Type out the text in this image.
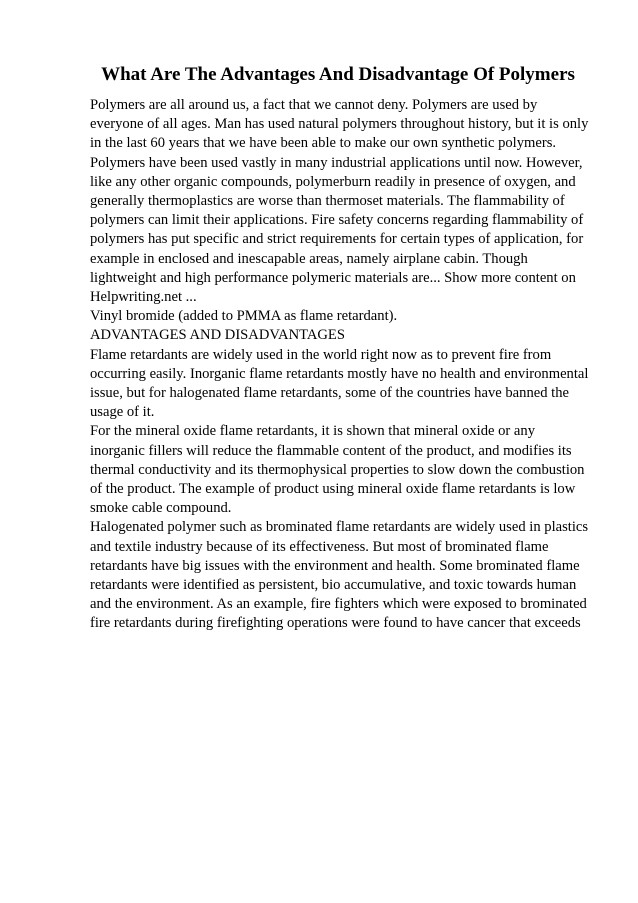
What Are The Advantages And Disadvantage Of Polymers

Polymers are all around us, a fact that we cannot deny. Polymers are used by everyone of all ages. Man has used natural polymers throughout history, but it is only in the last 60 years that we have been able to make our own synthetic polymers. Polymers have been used vastly in many industrial applications until now. However, like any other organic compounds, polymerburn readily in presence of oxygen, and generally thermoplastics are worse than thermoset materials. The flammability of polymers can limit their applications. Fire safety concerns regarding flammability of polymers has put specific and strict requirements for certain types of application, for example in enclosed and inescapable areas, namely airplane cabin. Though lightweight and high performance polymeric materials are... Show more content on Helpwriting.net ...

Vinyl bromide (added to PMMA as flame retardant).

ADVANTAGES AND DISADVANTAGES

Flame retardants are widely used in the world right now as to prevent fire from occurring easily. Inorganic flame retardants mostly have no health and environmental issue, but for halogenated flame retardants, some of the countries have banned the usage of it.

For the mineral oxide flame retardants, it is shown that mineral oxide or any inorganic fillers will reduce the flammable content of the product, and modifies its thermal conductivity and its thermophysical properties to slow down the combustion of the product. The example of product using mineral oxide flame retardants is low smoke cable compound.

Halogenated polymer such as brominated flame retardants are widely used in plastics and textile industry because of its effectiveness. But most of brominated flame retardants have big issues with the environment and health. Some brominated flame retardants were identified as persistent, bio accumulative, and toxic towards human and the environment. As an example, fire fighters which were exposed to brominated fire retardants during firefighting operations were found to have cancer that exceeds
